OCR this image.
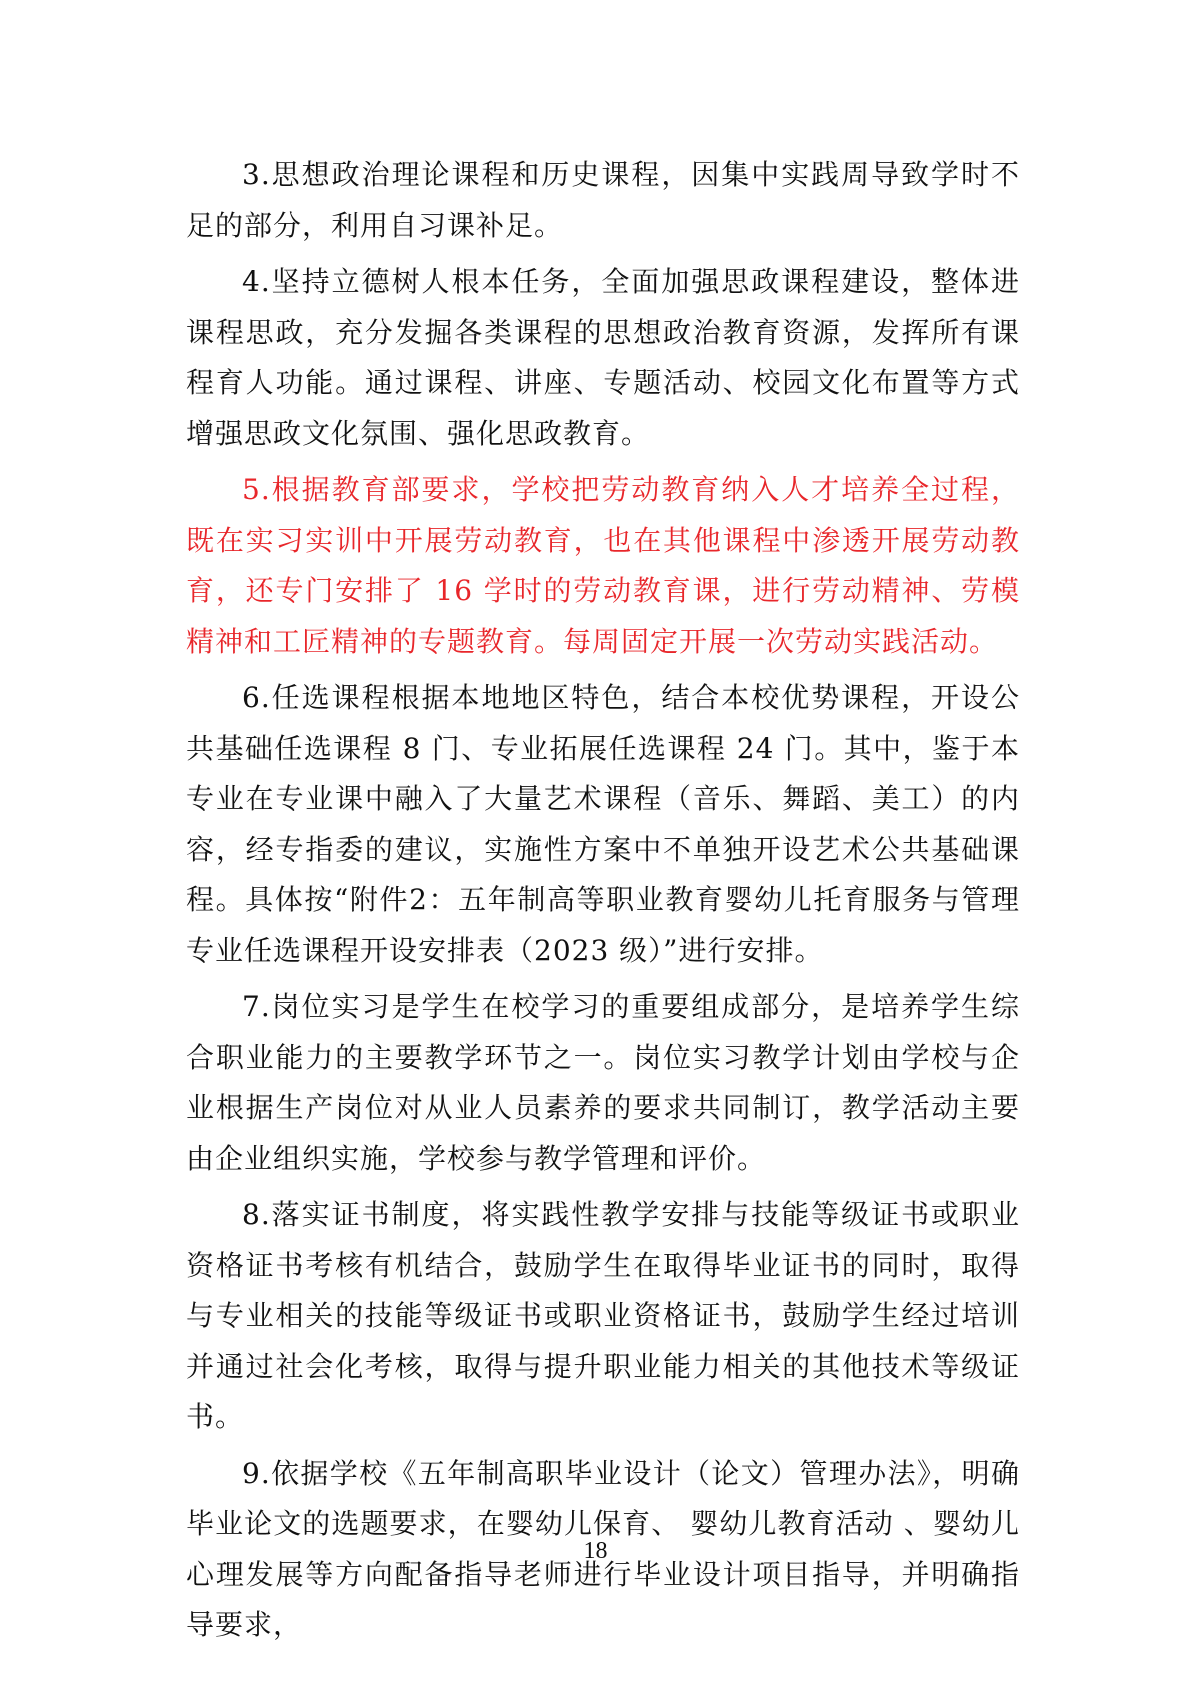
3.思想政治理论课程和历史课程，因集中实践周导致学时不足的部分，利用自习课补足。

4.坚持立德树人根本任务，全面加强思政课程建设，整体进课程思政，充分发掘各类课程的思想政治教育资源，发挥所有课程育人功能。通过课程、讲座、专题活动、校园文化布置等方式增强思政文化氛围、强化思政教育。

5.根据教育部要求，学校把劳动教育纳入人才培养全过程，既在实习实训中开展劳动教育，也在其他课程中渗透开展劳动教育，还专门安排了 16 学时的劳动教育课，进行劳动精神、劳模精神和工匠精神的专题教育。每周固定开展一次劳动实践活动。

6.任选课程根据本地地区特色，结合本校优势课程，开设公共基础任选课程 8 门、专业拓展任选课程 24 门。其中，鉴于本专业在专业课中融入了大量艺术课程（音乐、舞蹈、美工）的内容，经专指委的建议，实施性方案中不单独开设艺术公共基础课程。具体按“附件2：五年制高等职业教育婴幼儿托育服务与管理专业任选课程开设安排表（2023 级）”进行安排。

7.岗位实习是学生在校学习的重要组成部分，是培养学生综合职业能力的主要教学环节之一。岗位实习教学计划由学校与企业根据生产岗位对从业人员素养的要求共同制订，教学活动主要由企业组织实施，学校参与教学管理和评价。

8.落实证书制度，将实践性教学安排与技能等级证书或职业资格证书考核有机结合，鼓励学生在取得毕业证书的同时，取得与专业相关的技能等级证书或职业资格证书，鼓励学生经过培训并通过社会化考核，取得与提升职业能力相关的其他技术等级证书。

9.依据学校《五年制高职毕业设计（论文）管理办法》，明确毕业论文的选题要求，在婴幼儿保育、 婴幼儿教育活动 、婴幼儿心理发展等方向配备指导老师进行毕业设计项目指导，并明确指导要求，

18
